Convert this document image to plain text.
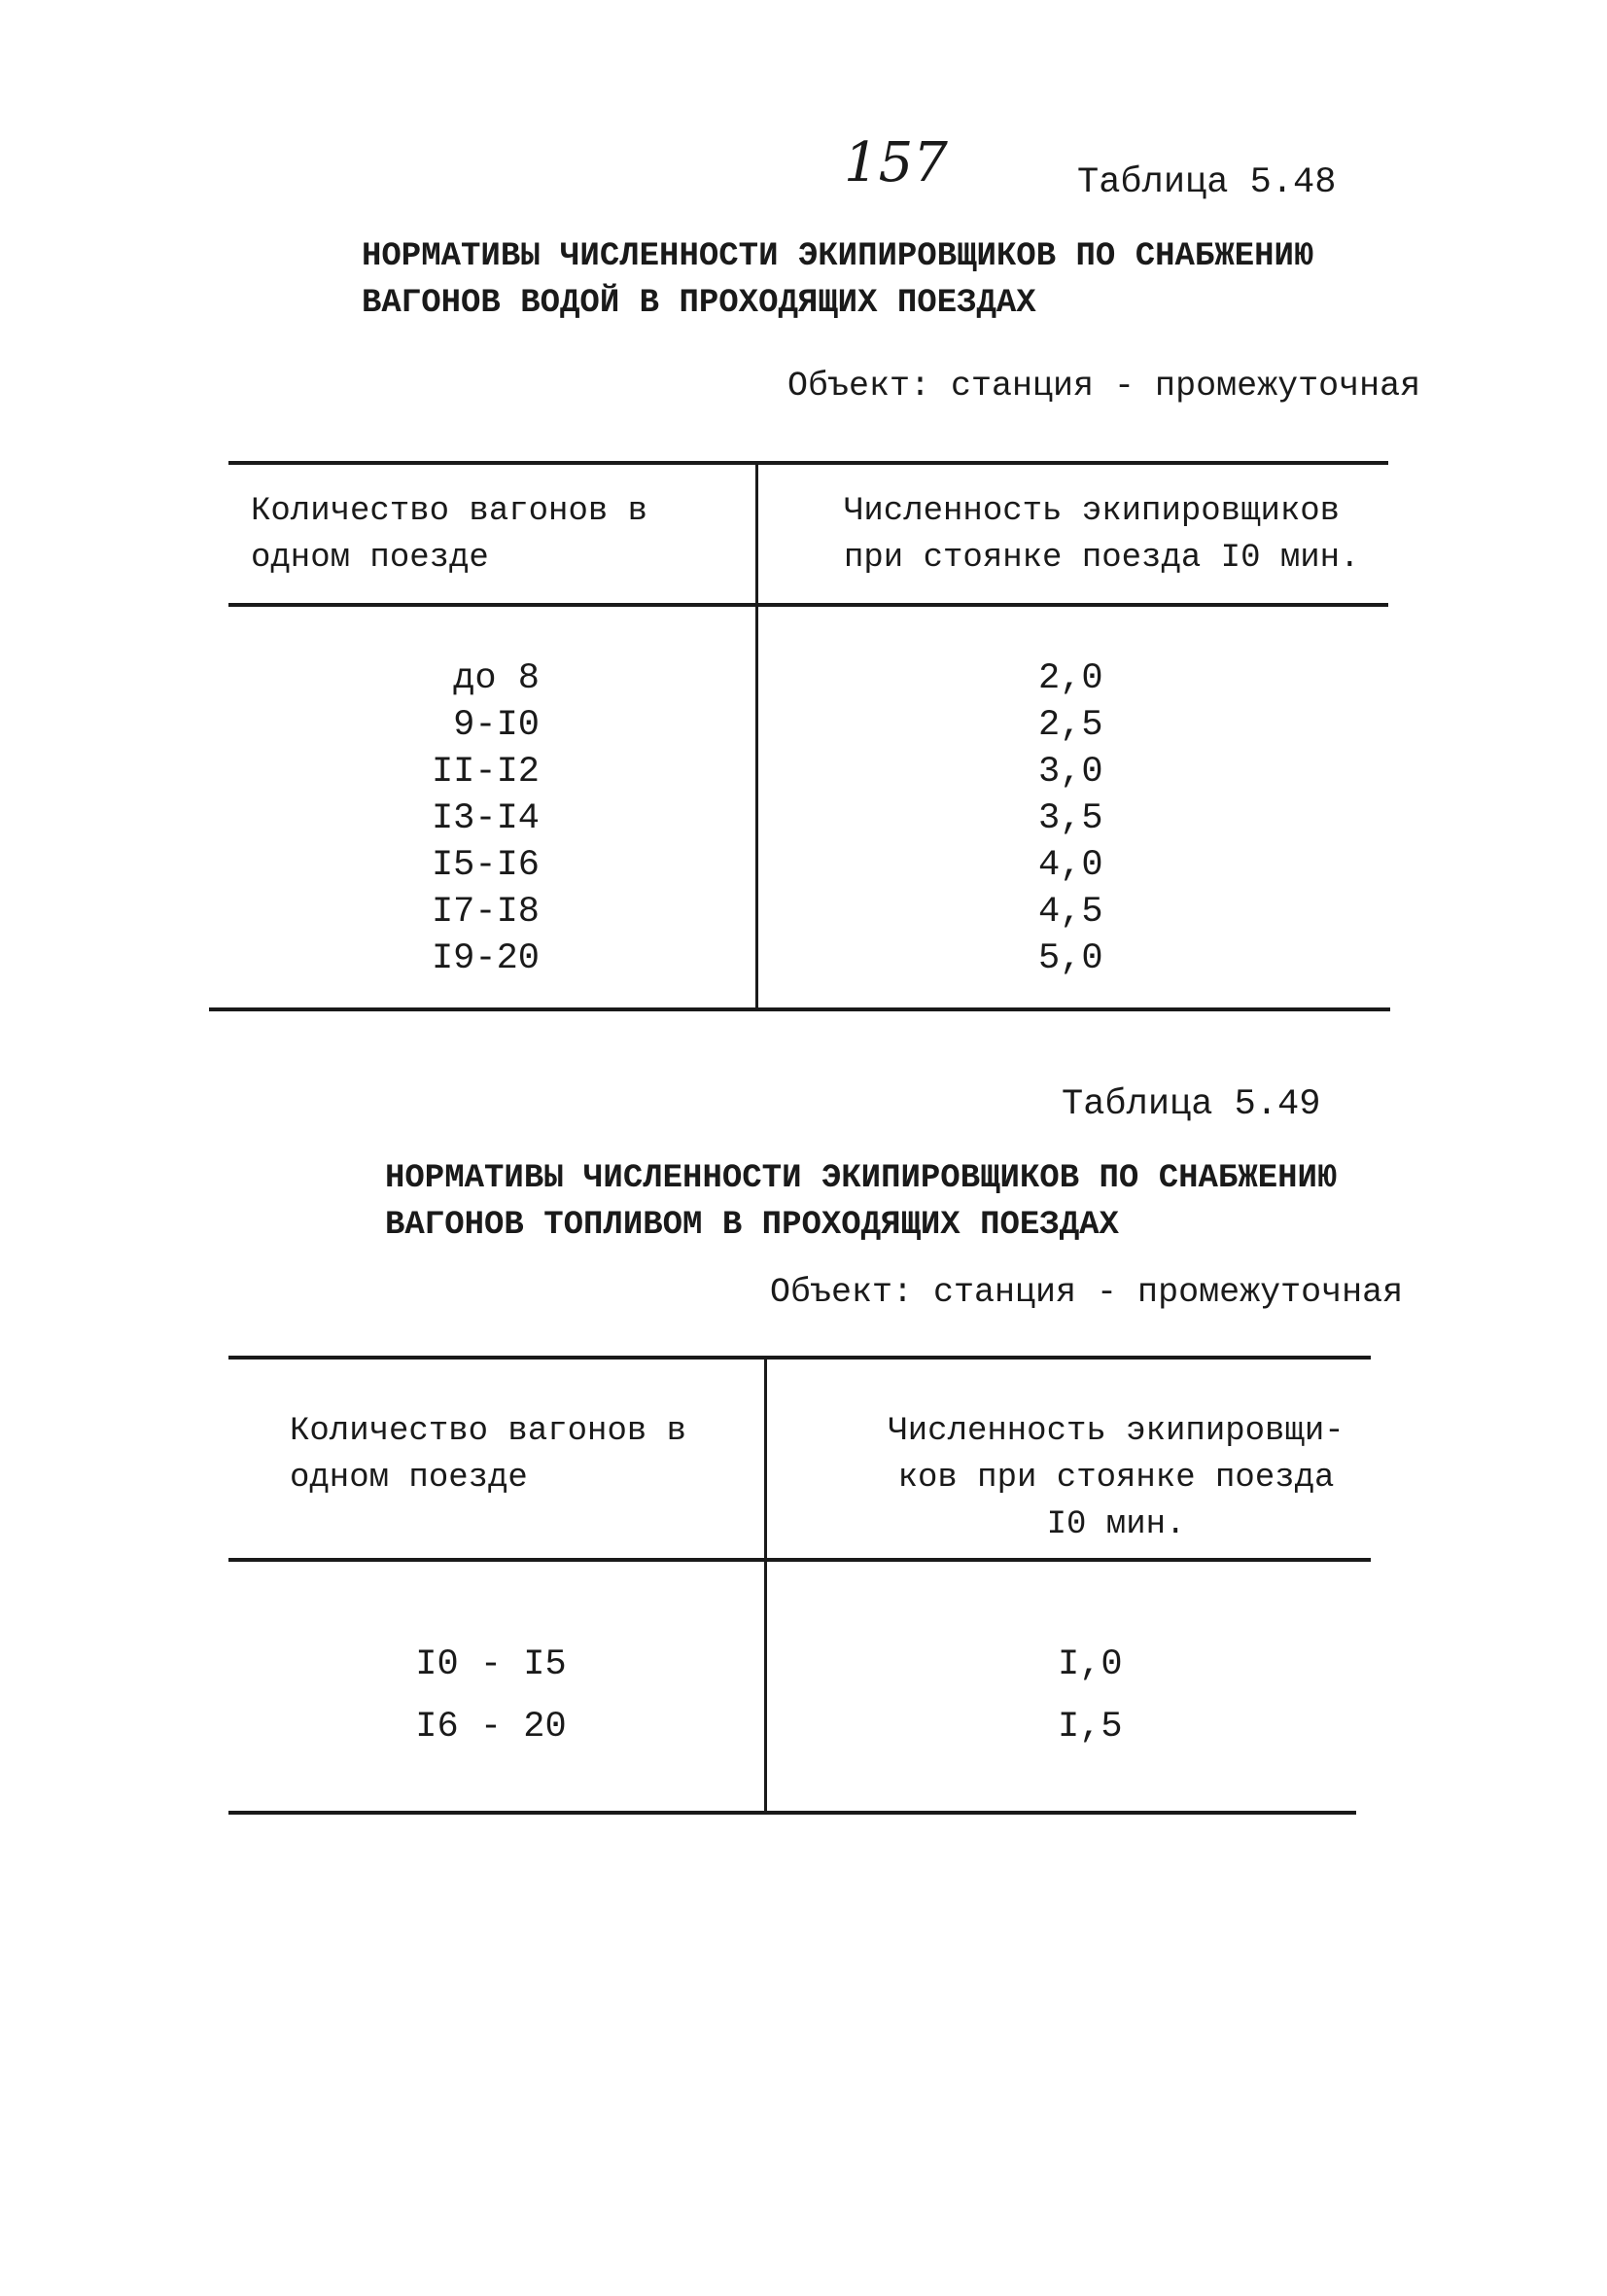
157	Таблица 5.48
НОРМАТИВЫ ЧИСЛЕННОСТИ ЭКИПИРОВЩИКОВ ПО СНАБЖЕНИЮ
ВАГОНОВ ВОДОЙ В ПРОХОДЯЩИХ ПОЕЗДАХ
Объект: станция - промежуточная
Количество вагонов в
одном поезде
Численность экипировщиков
при стоянке поезда I0 мин.
до 8
9-I0
II-I2
I3-I4
I5-I6
I7-I8
I9-20
2,0
2,5
3,0
3,5
4,0
4,5
5,0
Таблица 5.49
НОРМАТИВЫ ЧИСЛЕННОСТИ ЭКИПИРОВЩИКОВ ПО СНАБЖЕНИЮ
ВАГОНОВ ТОПЛИВОМ В ПРОХОДЯЩИХ ПОЕЗДАХ
Объект: станция - промежуточная
Количество вагонов в
одном поезде
Численность экипировщи-
ков при стоянке поезда
I0 мин.
I0 - I5
I6 - 20
I,0
I,5
